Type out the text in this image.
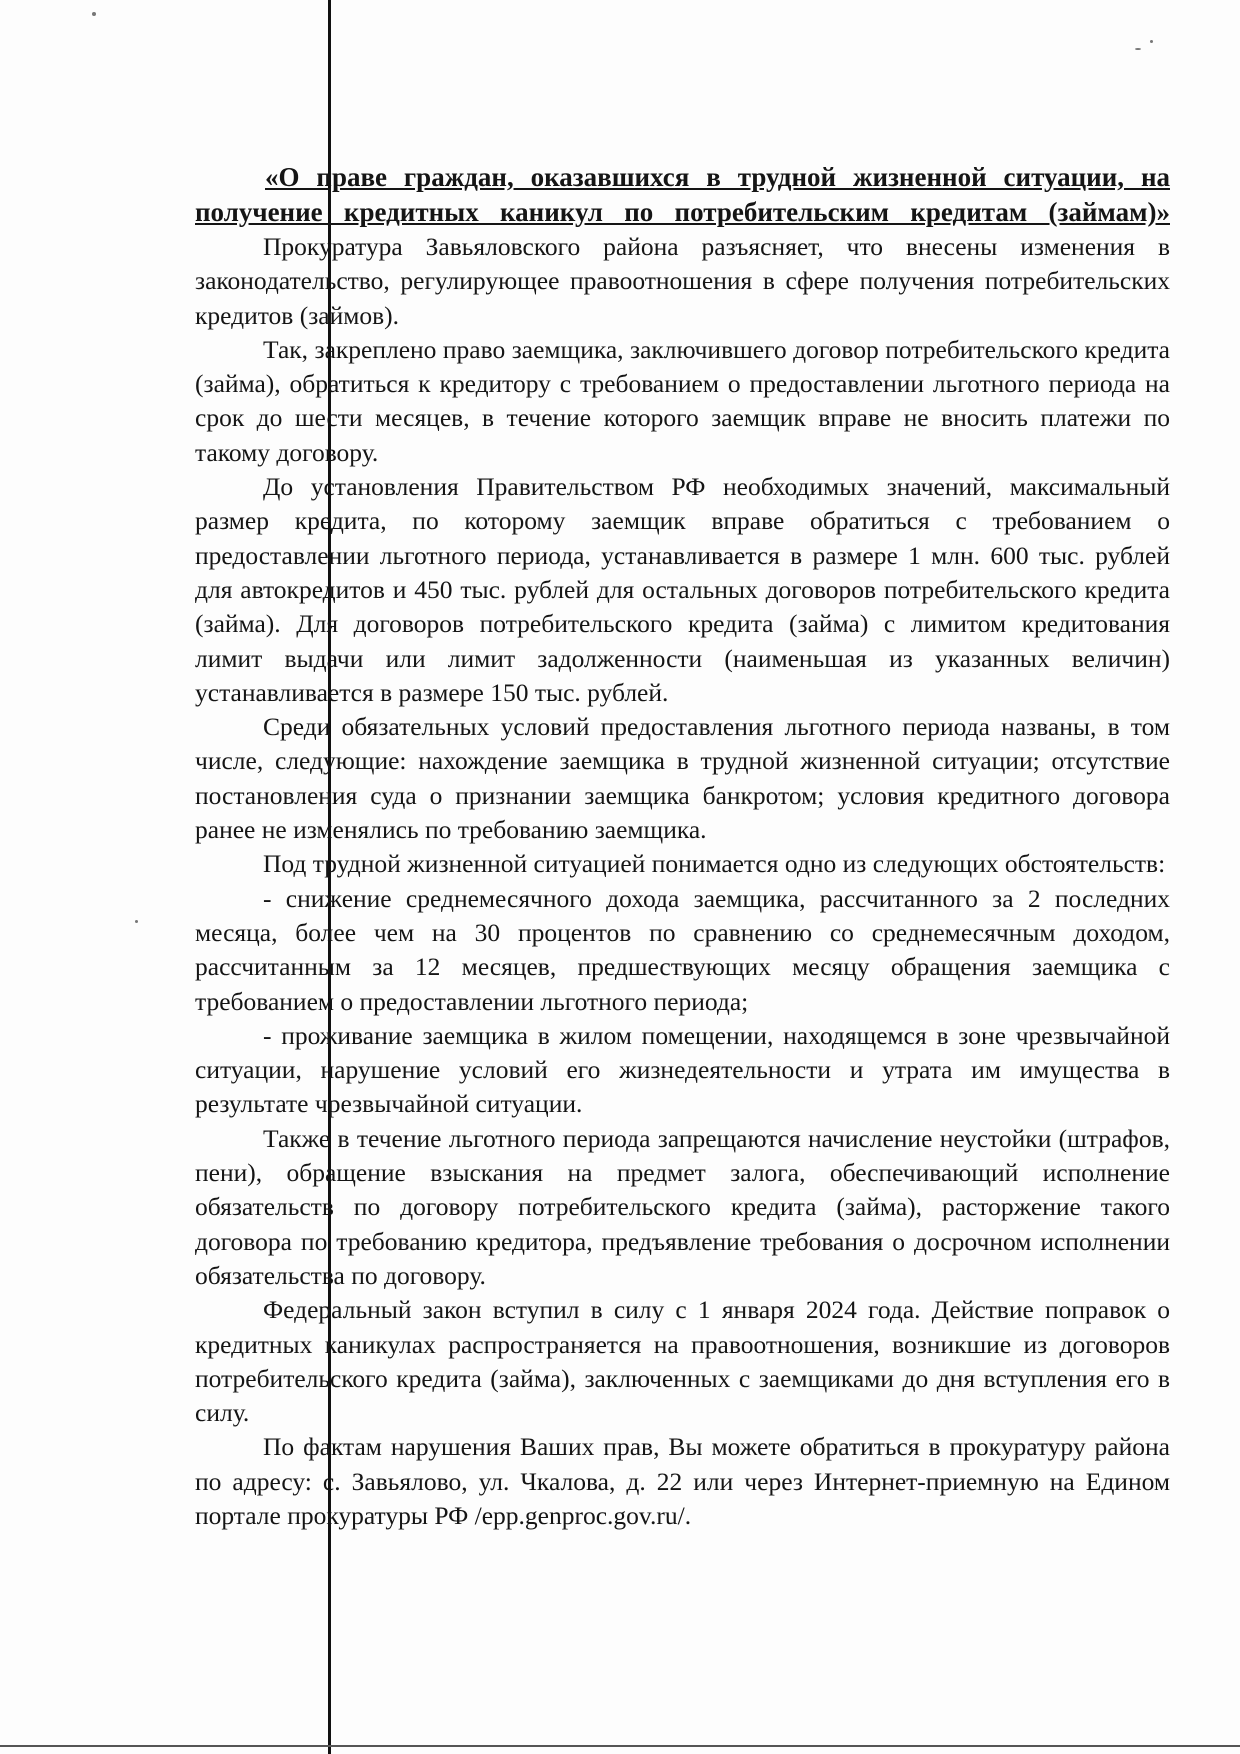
«О праве граждан, оказавшихся в трудной жизненной ситуации, на
получение кредитных каникул по потребительским кредитам (займам)»

Прокуратура Завьяловского района разъясняет, что внесены изменения в законодательство, регулирующее правоотношения в сфере получения потребительских кредитов (займов).

Так, закреплено право заемщика, заключившего договор потребительского кредита (займа), обратиться к кредитору с требованием о предоставлении льготного периода на срок до шести месяцев, в течение которого заемщик вправе не вносить платежи по такому договору.

До установления Правительством РФ необходимых значений, максимальный размер кредита, по которому заемщик вправе обратиться с требованием о предоставлении льготного периода, устанавливается в размере 1 млн. 600 тыс. рублей для автокредитов и 450 тыс. рублей для остальных договоров потребительского кредита (займа). Для договоров потребительского кредита (займа) с лимитом кредитования лимит выдачи или лимит задолженности (наименьшая из указанных величин) устанавливается в размере 150 тыс. рублей.

Среди обязательных условий предоставления льготного периода названы, в том числе, следующие: нахождение заемщика в трудной жизненной ситуации; отсутствие постановления суда о признании заемщика банкротом; условия кредитного договора ранее не изменялись по требованию заемщика.

Под трудной жизненной ситуацией понимается одно из следующих обстоятельств:

- снижение среднемесячного дохода заемщика, рассчитанного за 2 последних месяца, более чем на 30 процентов по сравнению со среднемесячным доходом, рассчитанным за 12 месяцев, предшествующих месяцу обращения заемщика с требованием о предоставлении льготного периода;

- проживание заемщика в жилом помещении, находящемся в зоне чрезвычайной ситуации, нарушение условий его жизнедеятельности и утрата им имущества в результате чрезвычайной ситуации.

Также в течение льготного периода запрещаются начисление неустойки (штрафов, пени), обращение взыскания на предмет залога, обеспечивающий исполнение обязательств по договору потребительского кредита (займа), расторжение такого договора по требованию кредитора, предъявление требования о досрочном исполнении обязательства по договору.

Федеральный закон вступил в силу с 1 января 2024 года. Действие поправок о кредитных каникулах распространяется на правоотношения, возникшие из договоров потребительского кредита (займа), заключенных с заемщиками до дня вступления его в силу.

По фактам нарушения Ваших прав, Вы можете обратиться в прокуратуру района по адресу: с. Завьялово, ул. Чкалова, д. 22 или через Интернет-приемную на Едином портале прокуратуры РФ /epp.genproc.gov.ru/.
